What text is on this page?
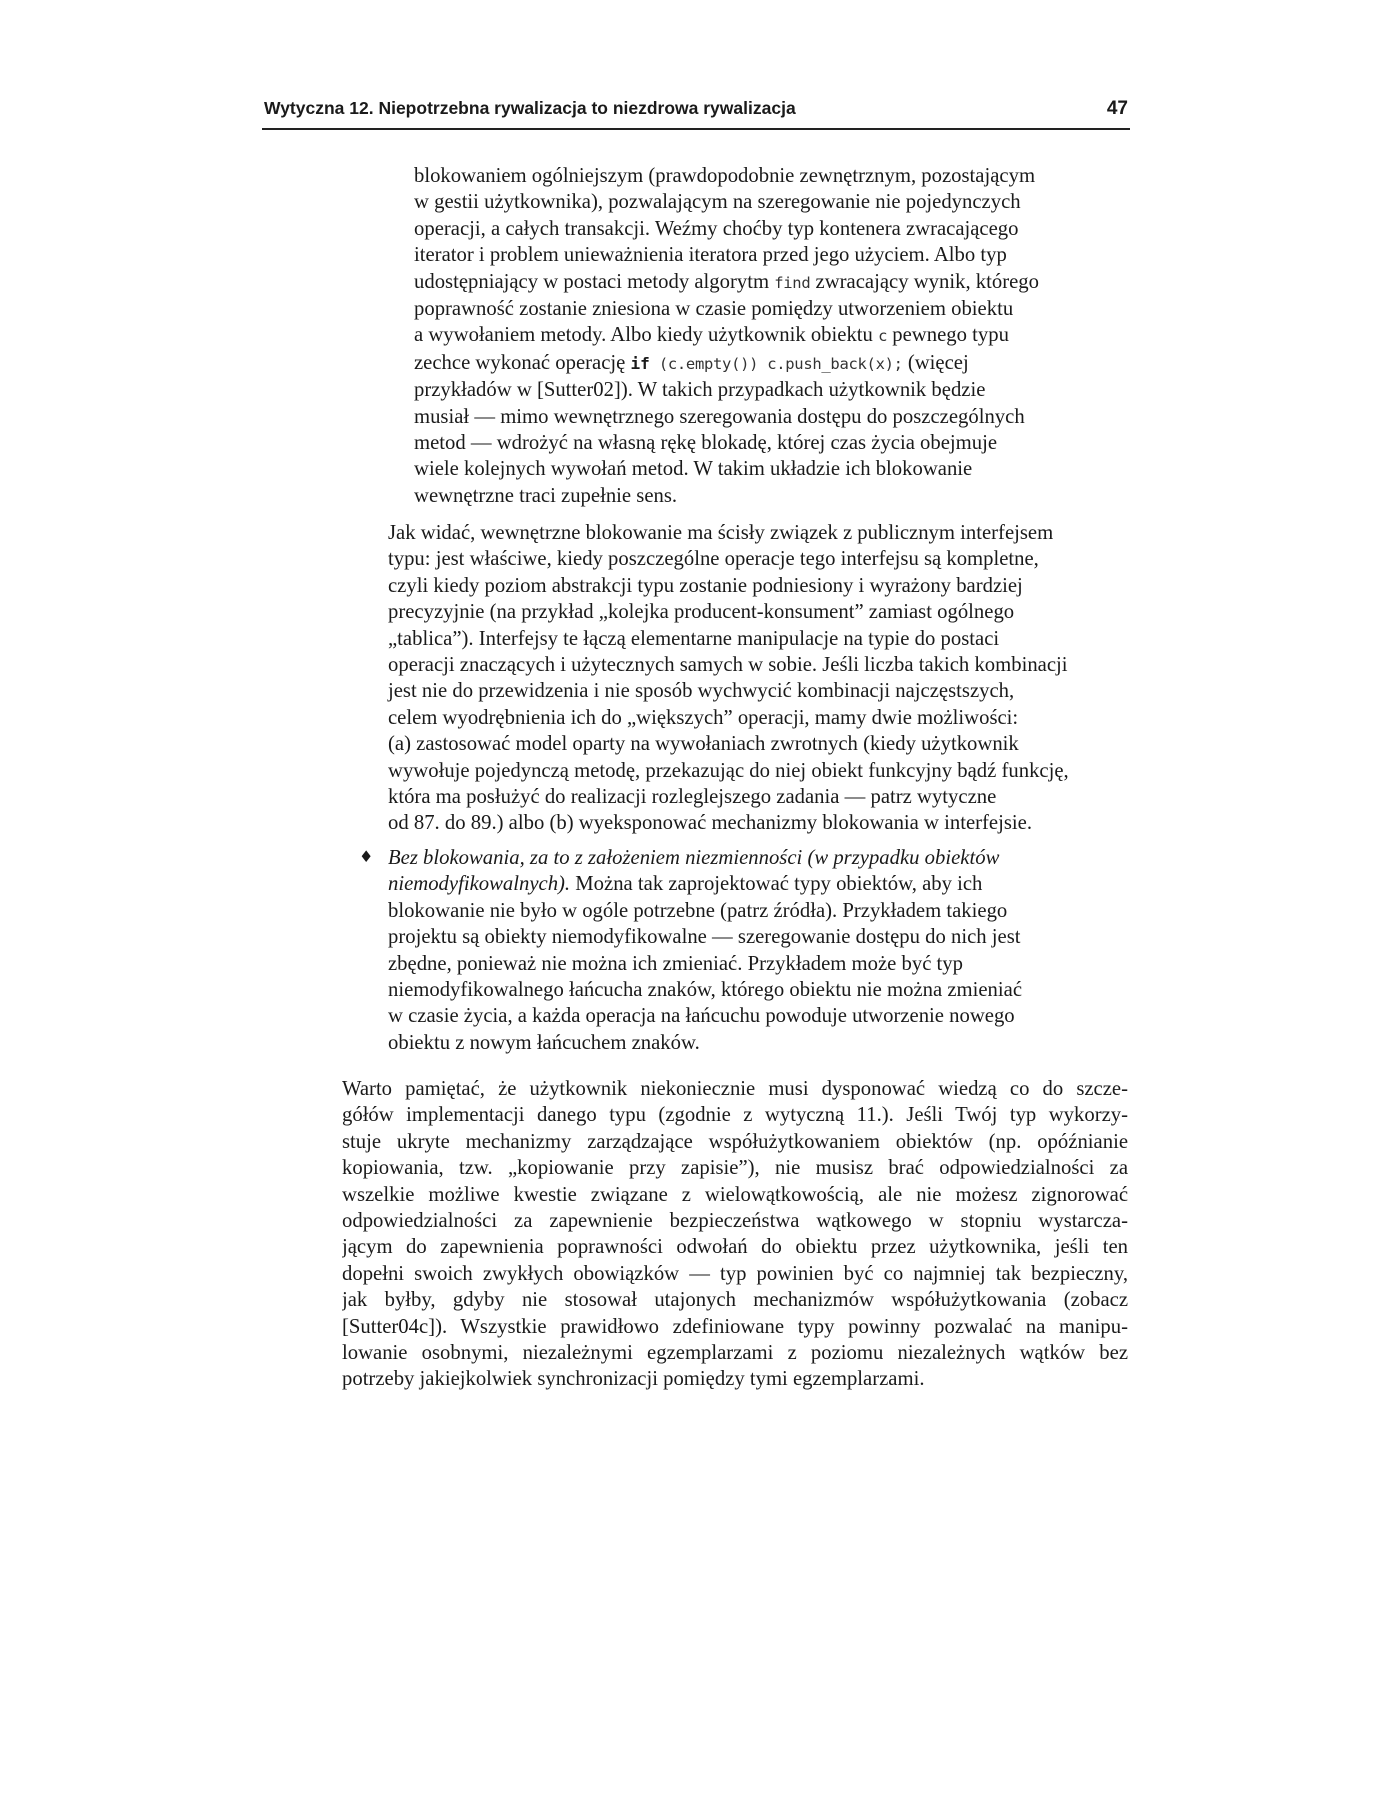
Wytyczna 12. Niepotrzebna rywalizacja to niezdrowa rywalizacja	47
blokowaniem ogólniejszym (prawdopodobnie zewnętrznym, pozostającym
w gestii użytkownika), pozwalającym na szeregowanie nie pojedynczych
operacji, a całych transakcji. Weźmy choćby typ kontenera zwracającego
iterator i problem unieważnienia iteratora przed jego użyciem. Albo typ
udostępniający w postaci metody algorytm find zwracający wynik, którego
poprawność zostanie zniesiona w czasie pomiędzy utworzeniem obiektu
a wywołaniem metody. Albo kiedy użytkownik obiektu c pewnego typu
zechce wykonać operację if (c.empty()) c.push_back(x); (więcej
przykładów w [Sutter02]). W takich przypadkach użytkownik będzie
musiał — mimo wewnętrznego szeregowania dostępu do poszczególnych
metod — wdrożyć na własną rękę blokadę, której czas życia obejmuje
wiele kolejnych wywołań metod. W takim układzie ich blokowanie
wewnętrzne traci zupełnie sens.
Jak widać, wewnętrzne blokowanie ma ścisły związek z publicznym interfejsem
typu: jest właściwe, kiedy poszczególne operacje tego interfejsu są kompletne,
czyli kiedy poziom abstrakcji typu zostanie podniesiony i wyrażony bardziej
precyzyjnie (na przykład „kolejka producent-konsument” zamiast ogólnego
„tablica”). Interfejsy te łączą elementarne manipulacje na typie do postaci
operacji znaczących i użytecznych samych w sobie. Jeśli liczba takich kombinacji
jest nie do przewidzenia i nie sposób wychwycić kombinacji najczęstszych,
celem wyodrębnienia ich do „większych” operacji, mamy dwie możliwości:
(a) zastosować model oparty na wywołaniach zwrotnych (kiedy użytkownik
wywołuje pojedynczą metodę, przekazując do niej obiekt funkcyjny bądź funkcję,
która ma posłużyć do realizacji rozleglejszego zadania — patrz wytyczne
od 87. do 89.) albo (b) wyeksponować mechanizmy blokowania w interfejsie.
♦ Bez blokowania, za to z założeniem niezmienności (w przypadku obiektów
niemodyfikowalnych). Można tak zaprojektować typy obiektów, aby ich
blokowanie nie było w ogóle potrzebne (patrz źródła). Przykładem takiego
projektu są obiekty niemodyfikowalne — szeregowanie dostępu do nich jest
zbędne, ponieważ nie można ich zmieniać. Przykładem może być typ
niemodyfikowalnego łańcucha znaków, którego obiektu nie można zmieniać
w czasie życia, a każda operacja na łańcuchu powoduje utworzenie nowego
obiektu z nowym łańcuchem znaków.
Warto pamiętać, że użytkownik niekoniecznie musi dysponować wiedzą co do szcze-
gółów implementacji danego typu (zgodnie z wytyczną 11.). Jeśli Twój typ wykorzy-
stuje ukryte mechanizmy zarządzające współużytkowaniem obiektów (np. opóźnianie
kopiowania, tzw. „kopiowanie przy zapisie”), nie musisz brać odpowiedzialności za
wszelkie możliwe kwestie związane z wielowątkowością, ale nie możesz zignorować
odpowiedzialności za zapewnienie bezpieczeństwa wątkowego w stopniu wystarcza-
jącym do zapewnienia poprawności odwołań do obiektu przez użytkownika, jeśli ten
dopełni swoich zwykłych obowiązków — typ powinien być co najmniej tak bezpieczny,
jak byłby, gdyby nie stosował utajonych mechanizmów współużytkowania (zobacz
[Sutter04c]). Wszystkie prawidłowo zdefiniowane typy powinny pozwalać na manipu-
lowanie osobnymi, niezależnymi egzemplarzami z poziomu niezależnych wątków bez
potrzeby jakiejkolwiek synchronizacji pomiędzy tymi egzemplarzami.
